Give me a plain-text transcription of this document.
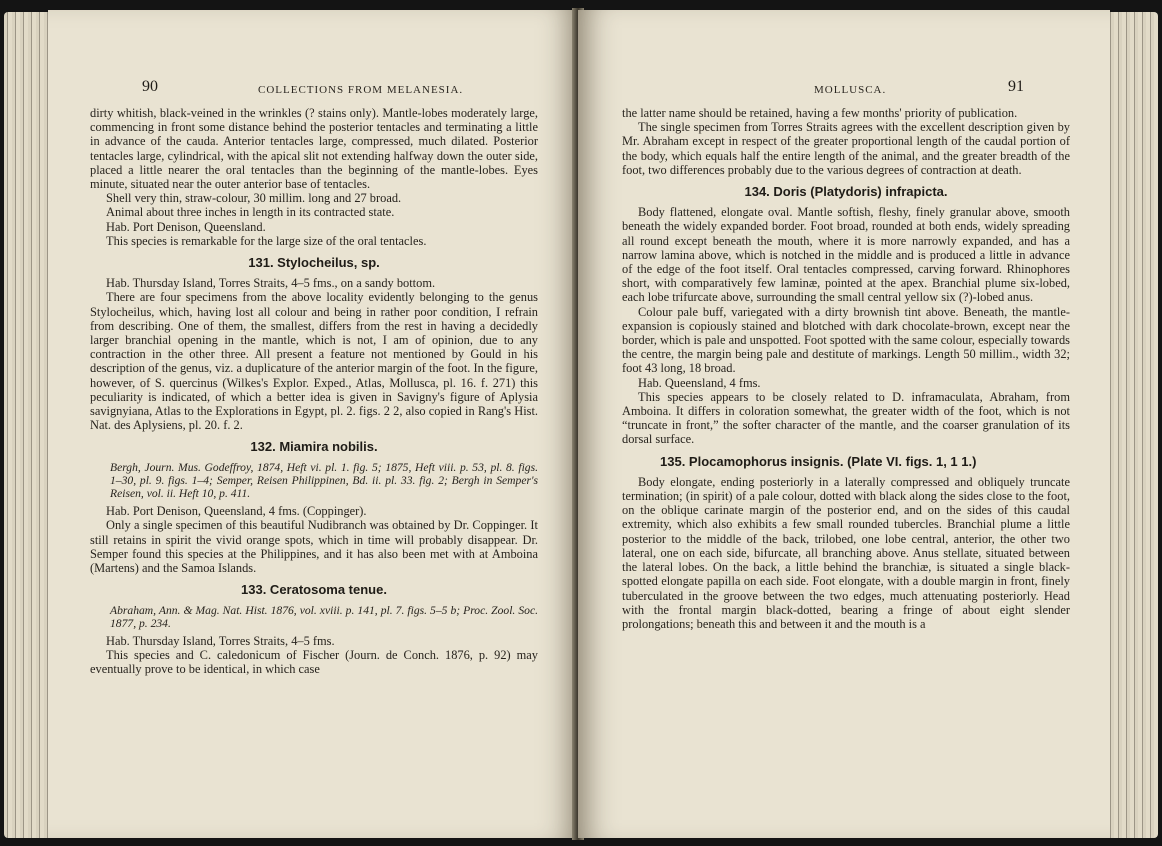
90	COLLECTIONS FROM MELANESIA.

dirty whitish, black-veined in the wrinkles (? stains only). Mantle-lobes moderately large, commencing in front some distance behind the posterior tentacles and terminating a little in advance of the cauda. Anterior tentacles large, compressed, much dilated. Posterior tentacles large, cylindrical, with the apical slit not extending halfway down the outer side, placed a little nearer the oral tentacles than the beginning of the mantle-lobes. Eyes minute, situated near the outer anterior base of tentacles.

Shell very thin, straw-colour, 30 millim. long and 27 broad.

Animal about three inches in length in its contracted state.

Hab. Port Denison, Queensland.

This species is remarkable for the large size of the oral tentacles.

131. Stylocheilus, sp.

Hab. Thursday Island, Torres Straits, 4–5 fms., on a sandy bottom.

There are four specimens from the above locality evidently belonging to the genus Stylocheilus, which, having lost all colour and being in rather poor condition, I refrain from describing. One of them, the smallest, differs from the rest in having a decidedly larger branchial opening in the mantle, which is not, I am of opinion, due to any contraction in the other three. All present a feature not mentioned by Gould in his description of the genus, viz. a duplicature of the anterior margin of the foot. In the figure, however, of S. quercinus (Wilkes's Explor. Exped., Atlas, Mollusca, pl. 16. f. 271) this peculiarity is indicated, of which a better idea is given in Savigny's figure of Aplysia savignyiana, Atlas to the Explorations in Egypt, pl. 2. figs. 2 2, also copied in Rang's Hist. Nat. des Aplysiens, pl. 20. f. 2.

132. Miamira nobilis.

Bergh, Journ. Mus. Godeffroy, 1874, Heft vi. pl. 1. fig. 5; 1875, Heft viii. p. 53, pl. 8. figs. 1–30, pl. 9. figs. 1–4; Semper, Reisen Philippinen, Bd. ii. pl. 33. fig. 2; Bergh in Semper's Reisen, vol. ii. Heft 10, p. 411.

Hab. Port Denison, Queensland, 4 fms. (Coppinger).

Only a single specimen of this beautiful Nudibranch was obtained by Dr. Coppinger. It still retains in spirit the vivid orange spots, which in time will probably disappear. Dr. Semper found this species at the Philippines, and it has also been met with at Amboina (Martens) and the Samoa Islands.

133. Ceratosoma tenue.

Abraham, Ann. & Mag. Nat. Hist. 1876, vol. xviii. p. 141, pl. 7. figs. 5–5 b; Proc. Zool. Soc. 1877, p. 234.

Hab. Thursday Island, Torres Straits, 4–5 fms.

This species and C. caledonicum of Fischer (Journ. de Conch. 1876, p. 92) may eventually prove to be identical, in which case

91
MOLLUSCA.

the latter name should be retained, having a few months' priority of publication.

The single specimen from Torres Straits agrees with the excellent description given by Mr. Abraham except in respect of the greater proportional length of the caudal portion of the body, which equals half the entire length of the animal, and the greater breadth of the foot, two differences probably due to the various degrees of contraction at death.

134. Doris (Platydoris) infrapicta.

Body flattened, elongate oval. Mantle softish, fleshy, finely granular above, smooth beneath the widely expanded border. Foot broad, rounded at both ends, widely spreading all round except beneath the mouth, where it is more narrowly expanded, and has a narrow lamina above, which is notched in the middle and is produced a little in advance of the edge of the foot itself. Oral tentacles compressed, carving forward. Rhinophores short, with comparatively few laminæ, pointed at the apex. Branchial plume six-lobed, each lobe trifurcate above, surrounding the small central yellow six (?)-lobed anus.

Colour pale buff, variegated with a dirty brownish tint above. Beneath, the mantle-expansion is copiously stained and blotched with dark chocolate-brown, except near the border, which is pale and unspotted. Foot spotted with the same colour, especially towards the centre, the margin being pale and destitute of markings. Length 50 millim., width 32; foot 43 long, 18 broad.

Hab. Queensland, 4 fms.

This species appears to be closely related to D. inframaculata, Abraham, from Amboina. It differs in coloration somewhat, the greater width of the foot, which is not “truncate in front,” the softer character of the mantle, and the coarser granulation of its dorsal surface.

135. Plocamophorus insignis. (Plate VI. figs. 1, 1 1.)

Body elongate, ending posteriorly in a laterally compressed and obliquely truncate termination; (in spirit) of a pale colour, dotted with black along the sides close to the foot, on the oblique carinate margin of the posterior end, and on the sides of this caudal extremity, which also exhibits a few small rounded tubercles. Branchial plume a little posterior to the middle of the back, trilobed, one lobe central, anterior, the other two lateral, one on each side, bifurcate, all branching above. Anus stellate, situated between the lateral lobes. On the back, a little behind the branchiæ, is situated a single black-spotted elongate papilla on each side. Foot elongate, with a double margin in front, finely tuberculated in the groove between the two edges, much attenuating posteriorly. Head with the frontal margin black-dotted, bearing a fringe of about eight slender prolongations; beneath this and between it and the mouth is a
